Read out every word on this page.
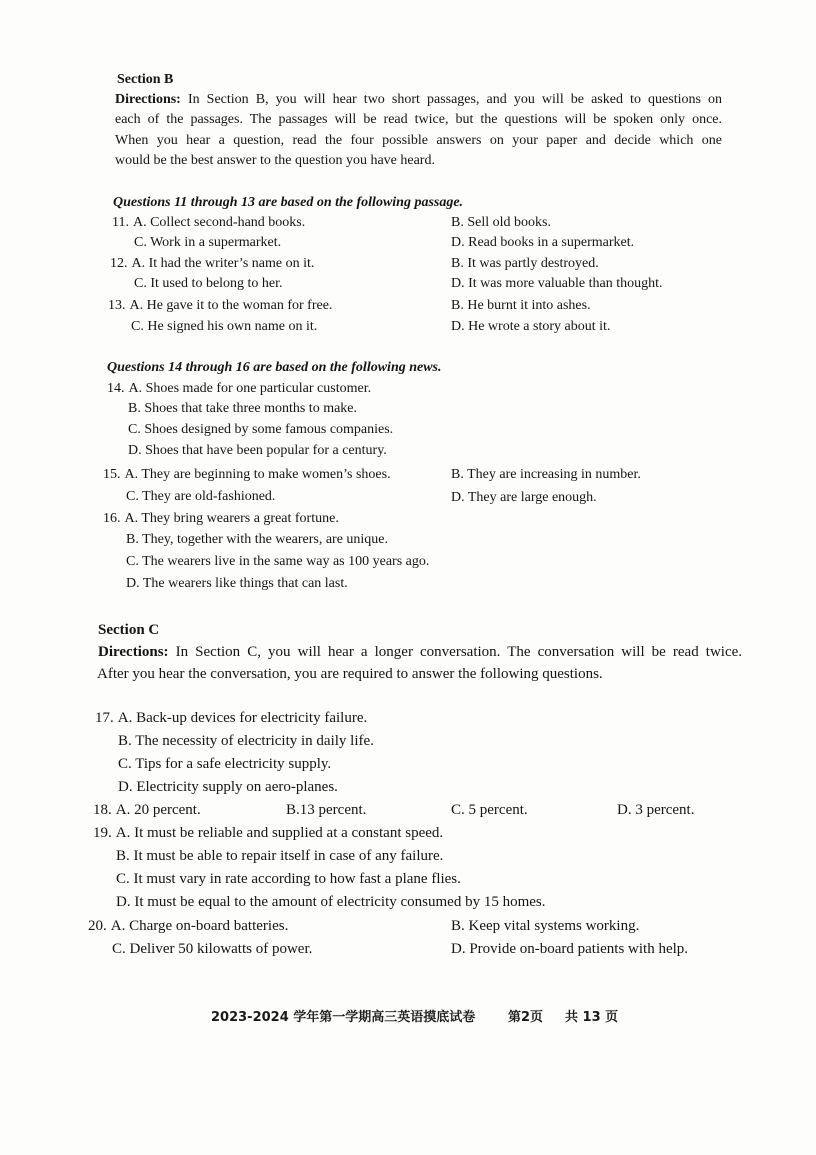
Section B
Directions: In Section B, you will hear two short passages, and you will be asked to questions on
each of the passages. The passages will be read twice, but the questions will be spoken only once.
When you hear a question, read the four possible answers on your paper and decide which one
would be the best answer to the question you have heard.
Questions 11 through 13 are based on the following passage.
11. A. Collect second-hand books.	B. Sell old books.
C. Work in a supermarket.	D. Read books in a supermarket.
12. A. It had the writer’s name on it.	B. It was partly destroyed.
C. It used to belong to her.	D. It was more valuable than thought.
13. A. He gave it to the woman for free.	B. He burnt it into ashes.
C. He signed his own name on it.	D. He wrote a story about it.
Questions 14 through 16 are based on the following news.
14. A. Shoes made for one particular customer.
B. Shoes that take three months to make.
C. Shoes designed by some famous companies.
D. Shoes that have been popular for a century.
15. A. They are beginning to make women’s shoes.	B. They are increasing in number.
C. They are old-fashioned.	D. They are large enough.
16. A. They bring wearers a great fortune.
B. They, together with the wearers, are unique.
C. The wearers live in the same way as 100 years ago.
D. The wearers like things that can last.
Section C
Directions: In Section C, you will hear a longer conversation. The conversation will be read twice.
After you hear the conversation, you are required to answer the following questions.
17. A. Back-up devices for electricity failure.
B. The necessity of electricity in daily life.
C. Tips for a safe electricity supply.
D. Electricity supply on aero-planes.
18. A. 20 percent.	B.13 percent.	C. 5 percent.	D. 3 percent.
19. A. It must be reliable and supplied at a constant speed.
B. It must be able to repair itself in case of any failure.
C. It must vary in rate according to how fast a plane flies.
D. It must be equal to the amount of electricity consumed by 15 homes.
20. A. Charge on-board batteries.	B. Keep vital systems working.
C. Deliver 50 kilowatts of power.	D. Provide on-board patients with help.
2023-2024 学年第一学期高三英语摸底试卷	第2页 共 13 页
